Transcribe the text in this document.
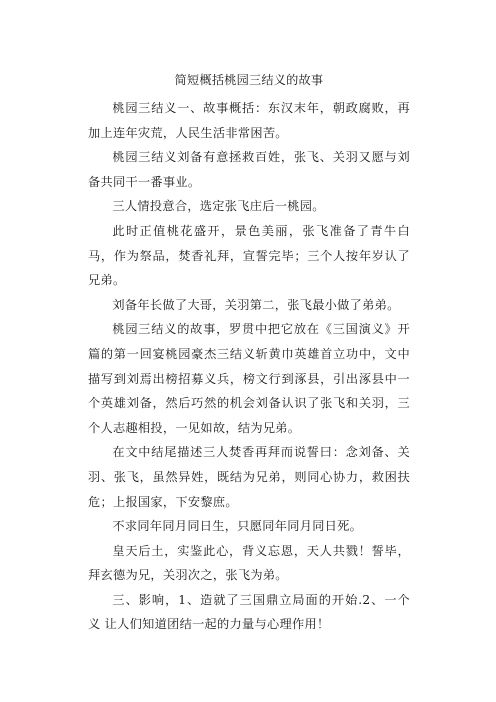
简短概括桃园三结义的故事

桃园三结义一、故事概括：东汉末年，朝政腐败，再加上连年灾荒，人民生活非常困苦。

桃园三结义刘备有意拯救百姓，张飞、关羽又愿与刘备共同干一番事业。

三人情投意合，选定张飞庄后一桃园。

此时正值桃花盛开，景色美丽，张飞准备了青牛白马，作为祭品，焚香礼拜，宣誓完毕；三个人按年岁认了兄弟。

刘备年长做了大哥，关羽第二，张飞最小做了弟弟。

桃园三结义的故事，罗贯中把它放在《三国演义》开篇的第一回宴桃园豪杰三结义斩黄巾英雄首立功中，文中描写到刘焉出榜招募义兵，榜文行到涿县，引出涿县中一个英雄刘备，然后巧然的机会刘备认识了张飞和关羽，三个人志趣相投，一见如故，结为兄弟。

在文中结尾描述三人焚香再拜而说誓曰：念刘备、关羽、张飞，虽然异姓，既结为兄弟，则同心协力，救困扶危；上报国家，下安黎庶。

不求同年同月同日生，只愿同年同月同日死。

皇天后土，实鉴此心，背义忘恩，天人共戮！誓毕，拜玄德为兄，关羽次之，张飞为弟。

三、影响，1、造就了三国鼎立局面的开始.2、一个 义 让人们知道团结一起的力量与心理作用！
